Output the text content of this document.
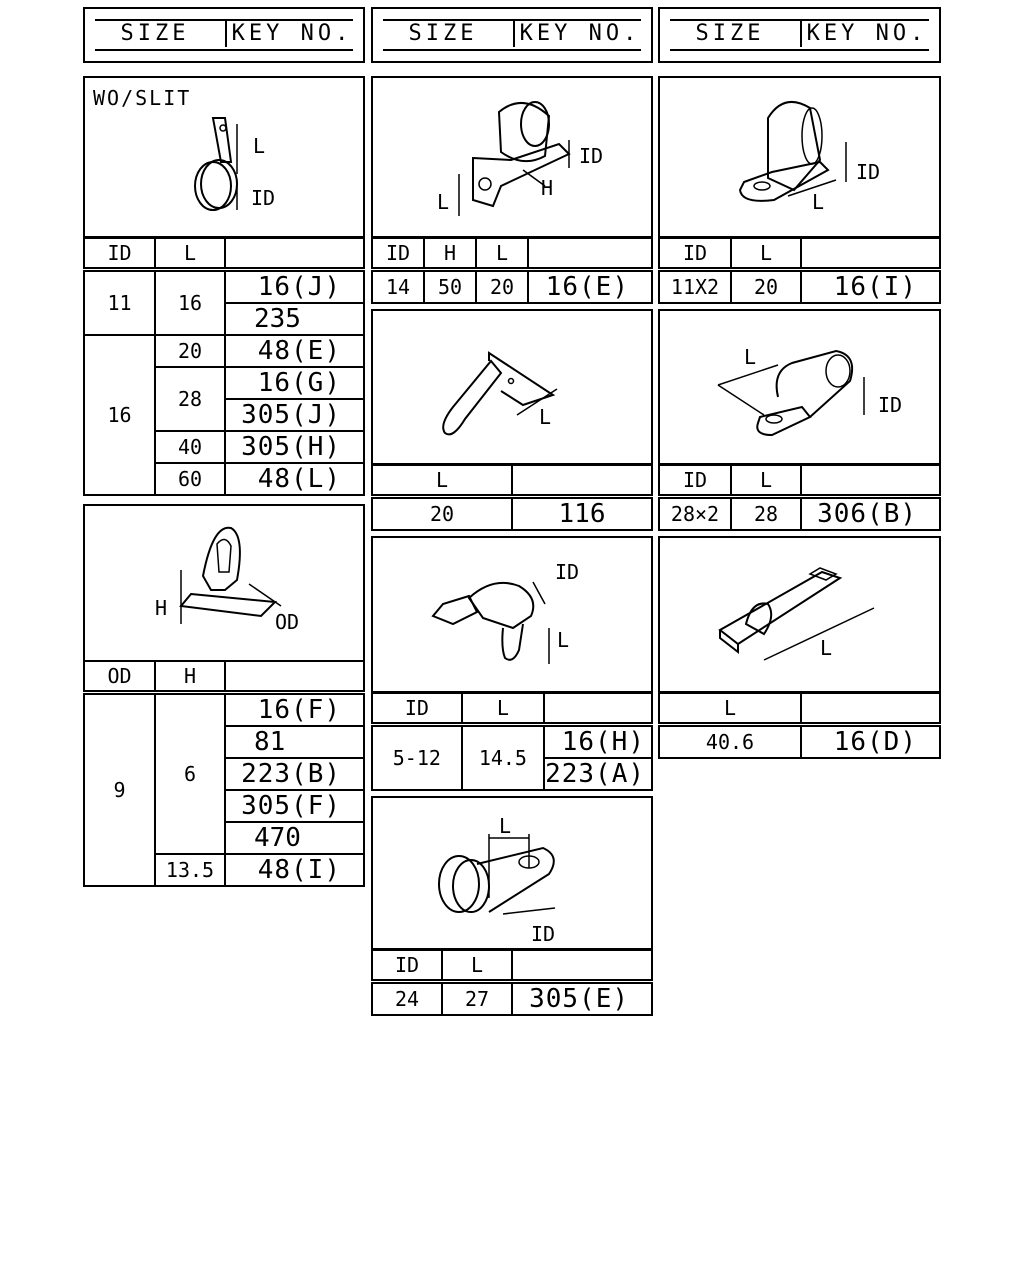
SIZE	KEY NO.	SIZE	KEY NO.	SIZE	KEY NO.
WO/SLIT
L
ID
ID	L	
11	16	16(J)
		235
16	20	48(E)
	28	16(G)
		305(J)
	40	305(H)
	60	48(L)
H
OD
OD	H	
9	6	16(F)
		81
		223(B)
		305(F)
		470
	13.5	48(I)
ID
H
L
ID	H	L	
14	50	20	16(E)
L
L	
20	116
ID
L
ID	L	
5-12	14.5	16(H)
		223(A)
L
ID
ID	L	
24	27	305(E)
ID
L
ID	L	
11X2	20	16(I)
L
ID
ID	L	
28×2	28	306(B)
L
L	
40.6	16(D)
